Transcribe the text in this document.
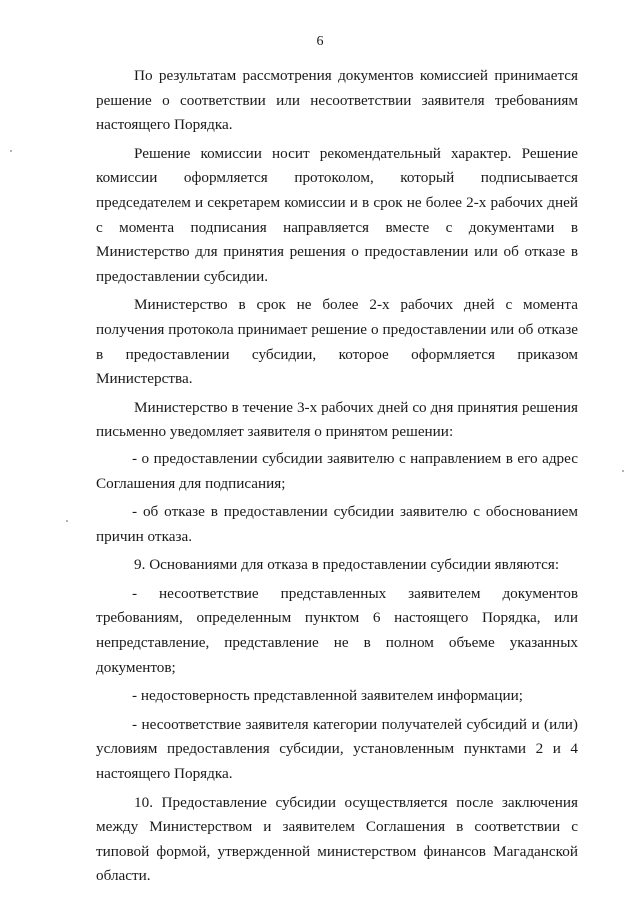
6

По результатам рассмотрения документов комиссией принимается решение о соответствии или несоответствии заявителя требованиям настоящего Порядка.

Решение комиссии носит рекомендательный характер. Решение комиссии оформляется протоколом, который подписывается председателем и секретарем комиссии и в срок не более 2-х рабочих дней с момента подписания направляется вместе с документами в Министерство для принятия решения о предоставлении или об отказе в предоставлении субсидии.

Министерство в срок не более 2-х рабочих дней с момента получения протокола принимает решение о предоставлении или об отказе в предоставлении субсидии, которое оформляется приказом Министерства.

Министерство в течение 3-х рабочих дней со дня принятия решения письменно уведомляет заявителя о принятом решении:

- о предоставлении субсидии заявителю с направлением в его адрес Соглашения для подписания;

- об отказе в предоставлении субсидии заявителю с обоснованием причин отказа.

9. Основаниями для отказа в предоставлении субсидии являются:

- несоответствие представленных заявителем документов требованиям, определенным пунктом 6 настоящего Порядка, или непредставление, представление не в полном объеме указанных документов;

- недостоверность представленной заявителем информации;

- несоответствие заявителя категории получателей субсидий и (или) условиям предоставления субсидии, установленным пунктами 2 и 4 настоящего Порядка.

10. Предоставление субсидии осуществляется после заключения между Министерством и заявителем Соглашения в соответствии с типовой формой, утвержденной министерством финансов Магаданской области.
